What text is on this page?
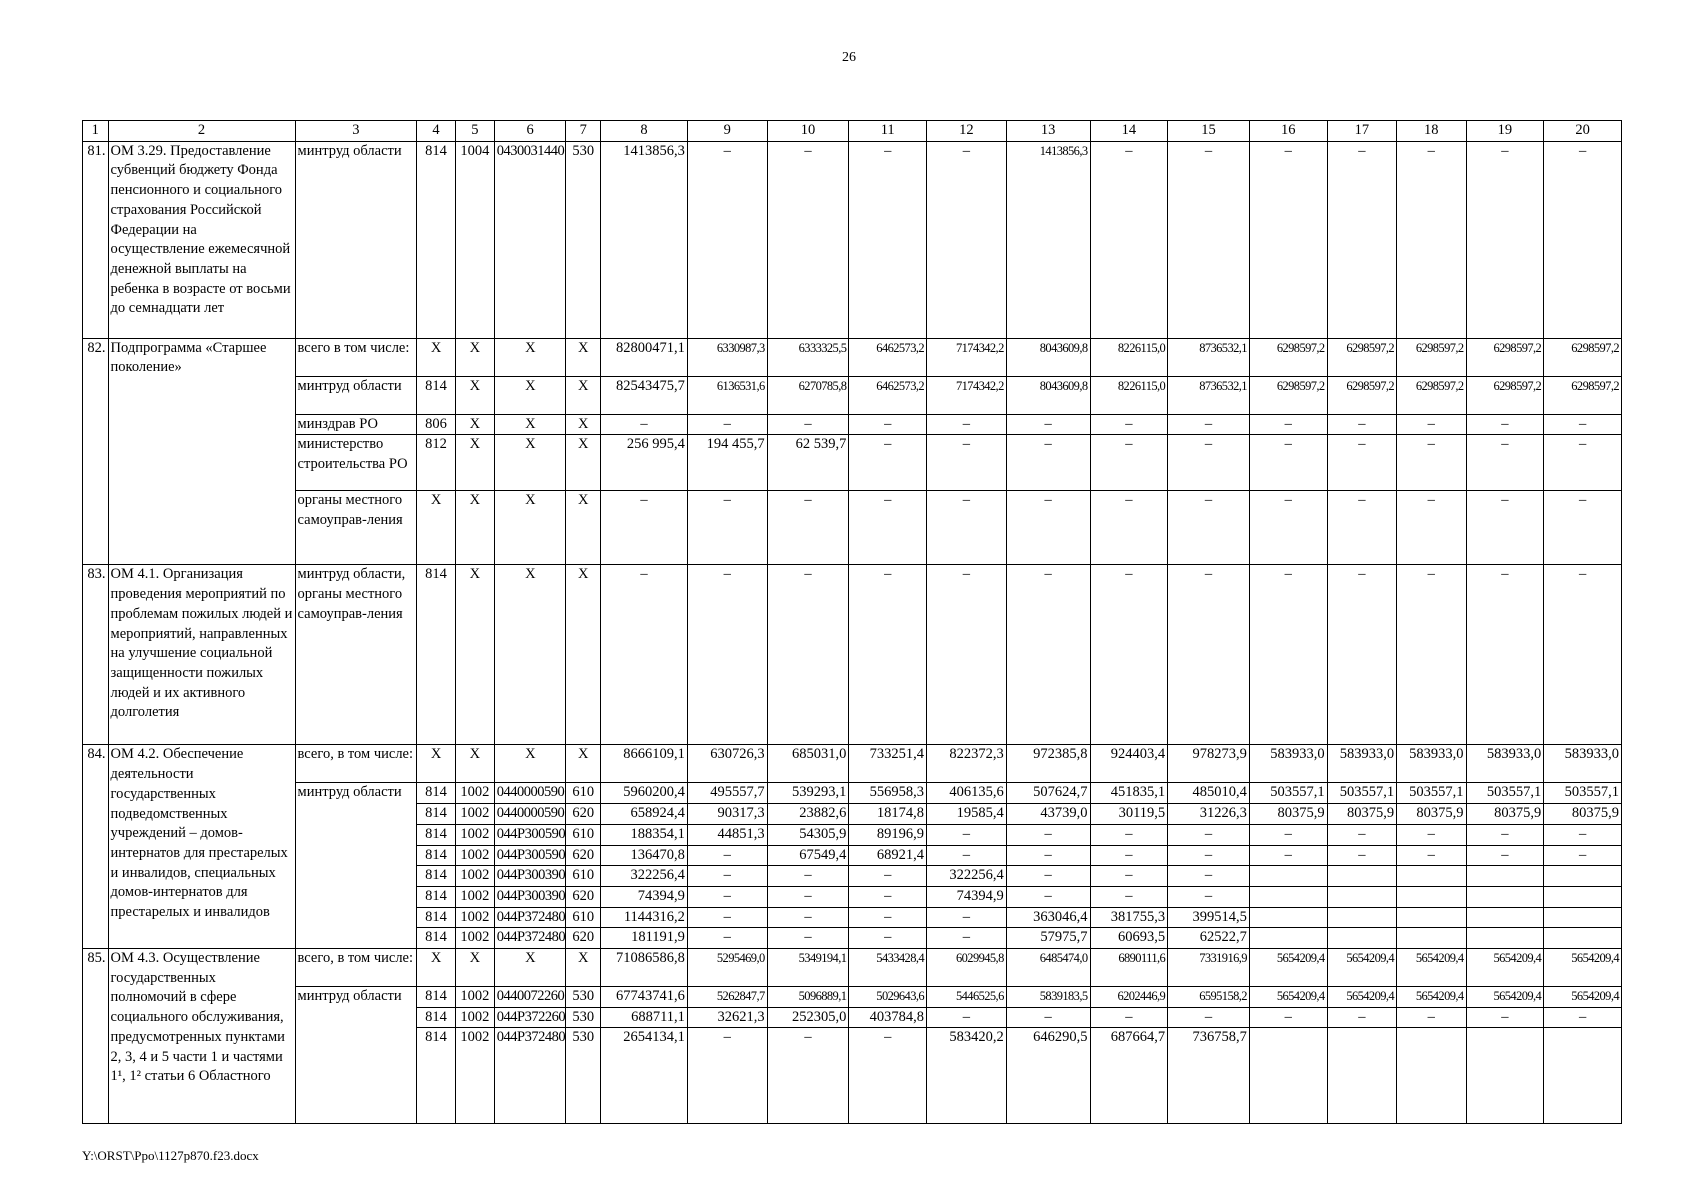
26
1	2	3	4	5	6	7	8	9	10	11	12	13	14	15	16	17	18	19	20
81.	ОМ 3.29. Предоставление субвенций бюджету Фонда пенсионного и социального страхования Российской Федерации на осуществление ежемесячной денежной выплаты на ребенка в возрасте от восьми до семнадцати лет	минтруд области	814	1004	0430031440	530	1413856,3	–	–	–	–	1413856,3	–	–	–	–	–	–	–
82.	Подпрограмма «Старшее поколение»	всего в том числе:	Х	Х	Х	Х	82800471,1	6330987,3	6333325,5	6462573,2	7174342,2	8043609,8	8226115,0	8736532,1	6298597,2	6298597,2	6298597,2	6298597,2	6298597,2
		минтруд области	814	Х	Х	Х	82543475,7	6136531,6	6270785,8	6462573,2	7174342,2	8043609,8	8226115,0	8736532,1	6298597,2	6298597,2	6298597,2	6298597,2	6298597,2
		минздрав РО	806	Х	Х	Х	–	–	–	–	–	–	–	–	–	–	–	–	–
		министерство строительства РО	812	Х	Х	Х	256 995,4	194 455,7	62 539,7	–	–	–	–	–	–	–	–	–	–
		органы местного самоуправ-ления	Х	Х	Х	Х	–	–	–	–	–	–	–	–	–	–	–	–	–
83.	ОМ 4.1. Организация проведения мероприятий по проблемам пожилых людей и мероприятий, направленных на улучшение социальной защищенности пожилых людей и их активного долголетия	минтруд области, органы местного самоуправ-ления	814	Х	Х	Х	–	–	–	–	–	–	–	–	–	–	–	–	–
84.	ОМ 4.2. Обеспечение деятельности государственных подведомственных учреждений – домов-интернатов для престарелых и инвалидов, специальных домов-интернатов для престарелых и инвалидов	всего, в том числе:	Х	Х	Х	Х	8666109,1	630726,3	685031,0	733251,4	822372,3	972385,8	924403,4	978273,9	583933,0	583933,0	583933,0	583933,0	583933,0
		минтруд области	814	1002	0440000590	610	5960200,4	495557,7	539293,1	556958,3	406135,6	507624,7	451835,1	485010,4	503557,1	503557,1	503557,1	503557,1	503557,1
			814	1002	0440000590	620	658924,4	90317,3	23882,6	18174,8	19585,4	43739,0	30119,5	31226,3	80375,9	80375,9	80375,9	80375,9	80375,9
			814	1002	044Р300590	610	188354,1	44851,3	54305,9	89196,9	–	–	–	–	–	–	–	–	–
			814	1002	044Р300590	620	136470,8	–	67549,4	68921,4	–	–	–	–	–	–	–	–	–
			814	1002	044Р300390	610	322256,4	–	–	–	322256,4	–	–	–					
			814	1002	044Р300390	620	74394,9	–	–	–	74394,9	–	–	–					
			814	1002	044Р372480	610	1144316,2	–	–	–	–	363046,4	381755,3	399514,5					
			814	1002	044Р372480	620	181191,9	–	–	–	–	57975,7	60693,5	62522,7					
85.	ОМ 4.3. Осуществление государственных полномочий в сфере социального обслуживания, предусмотренных пунктами 2, 3, 4 и 5 части 1 и частями 1¹, 1² статьи 6 Областного	всего, в том числе:	Х	Х	Х	Х	71086586,8	5295469,0	5349194,1	5433428,4	6029945,8	6485474,0	6890111,6	7331916,9	5654209,4	5654209,4	5654209,4	5654209,4	5654209,4
		минтруд области	814	1002	0440072260	530	67743741,6	5262847,7	5096889,1	5029643,6	5446525,6	5839183,5	6202446,9	6595158,2	5654209,4	5654209,4	5654209,4	5654209,4	5654209,4
			814	1002	044Р372260	530	688711,1	32621,3	252305,0	403784,8	–	–	–	–	–	–	–	–	–
			814	1002	044Р372480	530	2654134,1	–	–	–	583420,2	646290,5	687664,7	736758,7					
Y:\ORST\Ppo\1127p870.f23.docx
